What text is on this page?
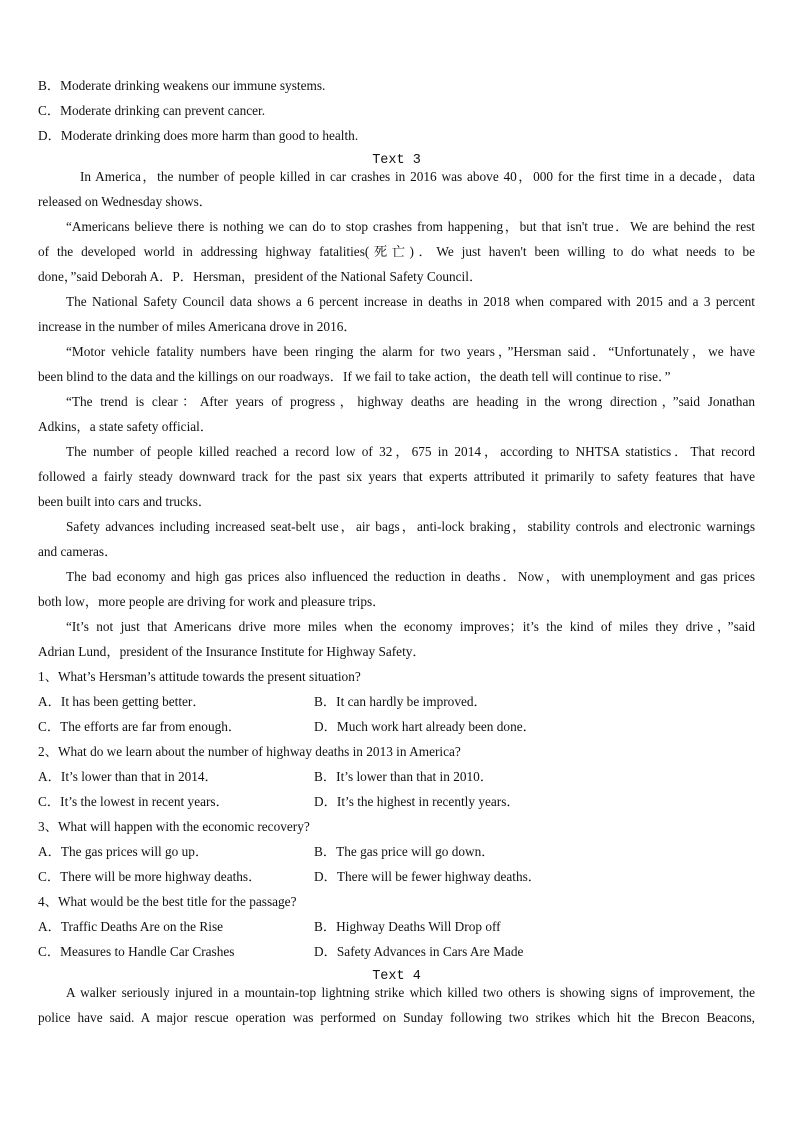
B．Moderate drinking weakens our immune systems.
C．Moderate drinking can prevent cancer.
D．Moderate drinking does more harm than good to health.
Text 3
In America，the number of people killed in car crashes in 2016 was above 40，000 for the first time in a decade，data
released on Wednesday shows．
“Americans believe there is nothing we can do to stop crashes from happening，but that isn't true．We are behind the rest
of the developed world in addressing highway fatalities(死亡)．We just haven't been willing to do what needs to be
done，”said Deborah A．P．Hersman，president of the National Safety Council．
The National Safety Council data shows a 6 percent increase in deaths in 2018 when compared with 2015 and a 3 percent
increase in the number of miles Americana drove in 2016．
“Motor vehicle fatality numbers have been ringing the alarm for two years，”Hersman said．“Unfortunately，we have
been blind to the data and the killings on our roadways．If we fail to take action，the death tell will continue to rise．”
“The trend is clear：After years of progress，highway deaths are heading in the wrong direction，”said Jonathan
Adkins，a state safety official．
The number of people killed reached a record low of 32，675 in 2014，according to NHTSA statistics．That record
followed a fairly steady downward track for the past six years that experts attributed it primarily to safety features that have
been built into cars and trucks．
Safety advances including increased seat-belt use，air bags，anti-lock braking，stability controls and electronic warnings
and cameras．
The bad economy and high gas prices also influenced the reduction in deaths．Now，with unemployment and gas prices
both low，more people are driving for work and pleasure trips．
“It’s not just that Americans drive more miles when the economy improves；it’s the kind of miles they drive，”said
Adrian Lund，president of the Insurance Institute for Highway Safety．
1、What’s Hersman’s attitude towards the present situation?
A．It has been getting better．	B．It can hardly be improved．
C．The efforts are far from enough．	D．Much work hart already been done．
2、What do we learn about the number of highway deaths in 2013 in America?
A．It’s lower than that in 2014．	B．It’s lower than that in 2010．
C．It’s the lowest in recent years．	D．It’s the highest in recently years．
3、What will happen with the economic recovery?
A．The gas prices will go up．	B．The gas price will go down．
C．There will be more highway deaths．	D．There will be fewer highway deaths．
4、What would be the best title for the passage?
A．Traffic Deaths Are on the Rise	B．Highway Deaths Will Drop off
C．Measures to Handle Car Crashes	D．Safety Advances in Cars Are Made
Text 4
A walker seriously injured in a mountain-top lightning strike which killed two others is showing signs of improvement, the
police have said. A major rescue operation was performed on Sunday following two strikes which hit the Brecon Beacons,
